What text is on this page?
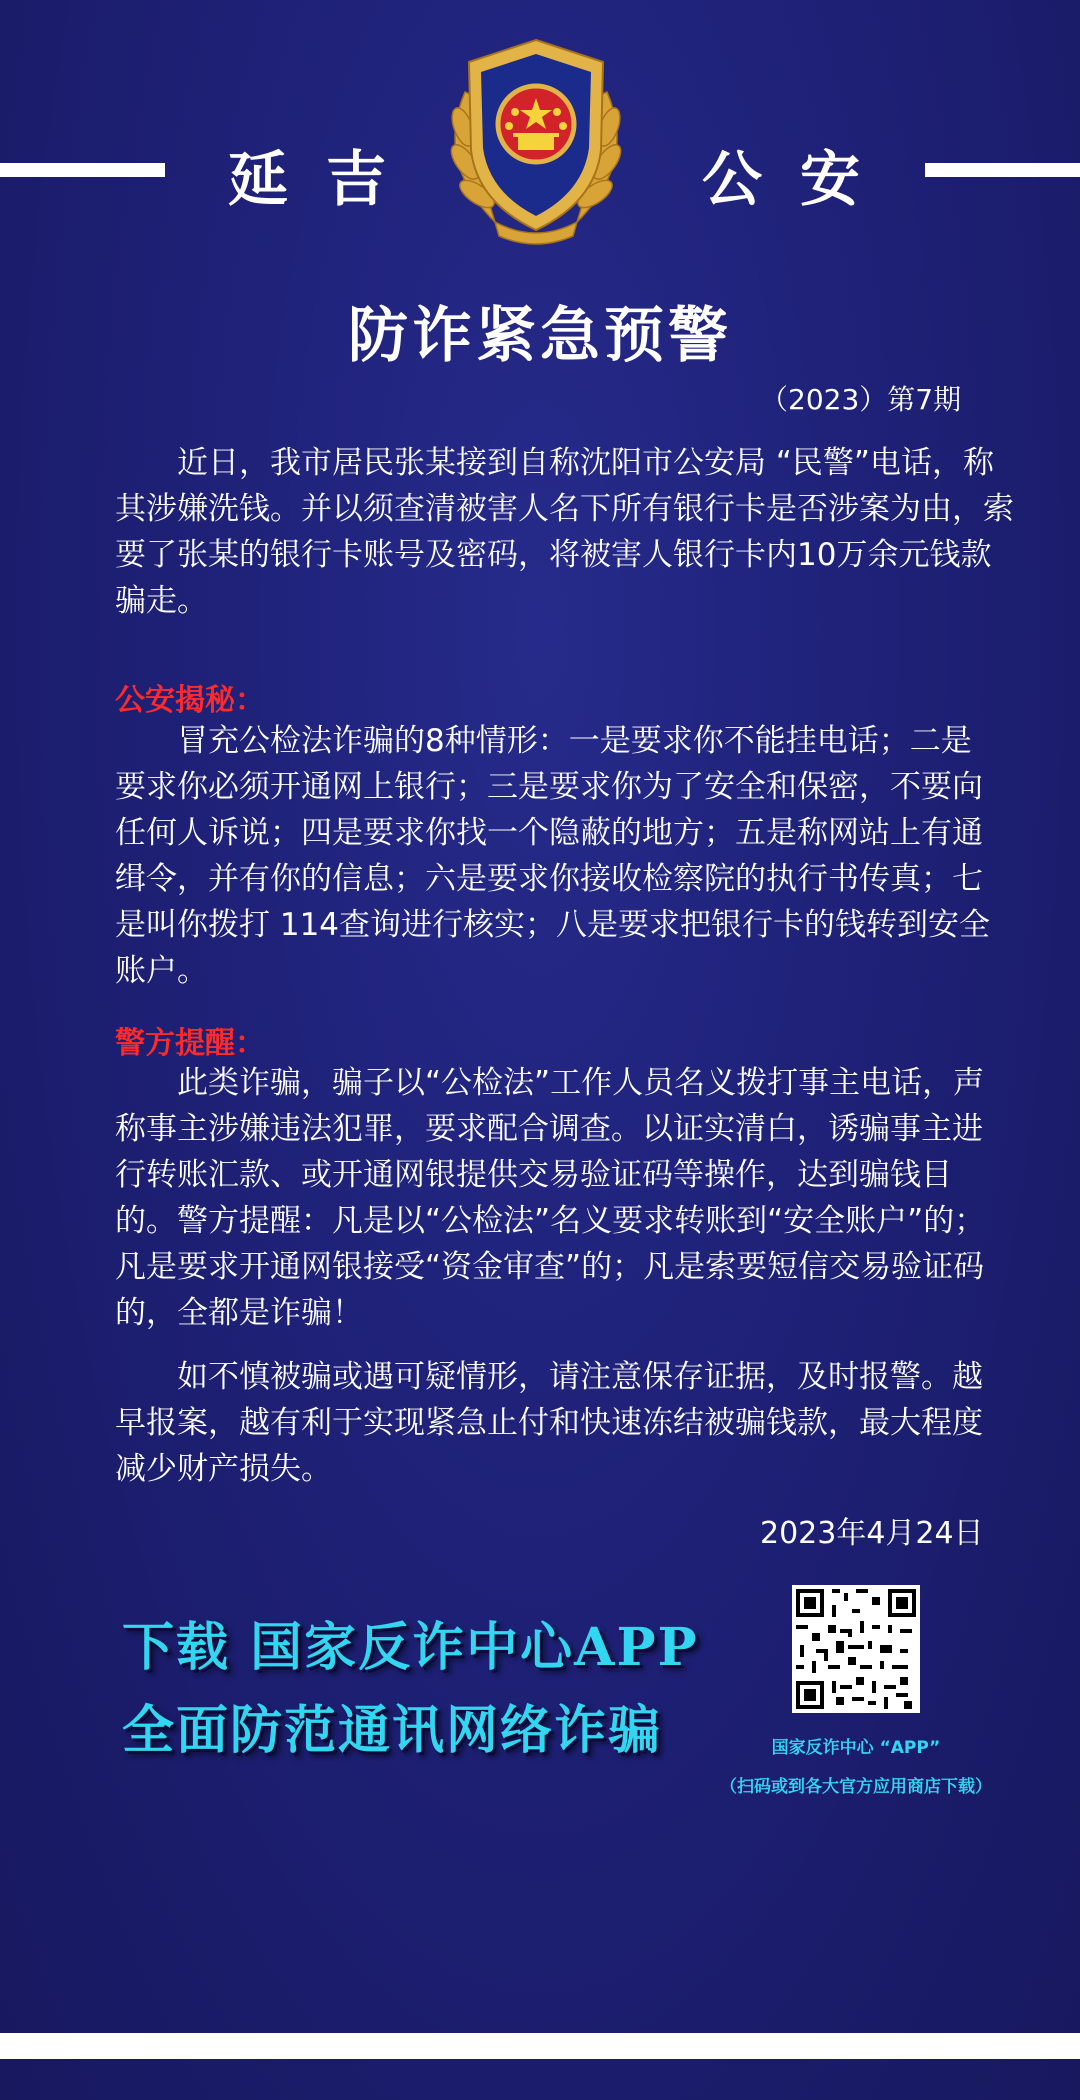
延吉	公安
防诈紧急预警
（2023）第7期

近日，我市居民张某接到自称沈阳市公安局 “民警”电话，称其涉嫌洗钱。并以须查清被害人名下所有银行卡是否涉案为由，索要了张某的银行卡账号及密码，将被害人银行卡内10万余元钱款骗走。

公安揭秘：

冒充公检法诈骗的8种情形：一是要求你不能挂电话；二是要求你必须开通网上银行；三是要求你为了安全和保密，不要向任何人诉说；四是要求你找一个隐蔽的地方；五是称网站上有通缉令，并有你的信息；六是要求你接收检察院的执行书传真；七是叫你拨打 114查询进行核实；八是要求把银行卡的钱转到安全账户。

警方提醒：

此类诈骗，骗子以“公检法”工作人员名义拨打事主电话，声称事主涉嫌违法犯罪，要求配合调查。以证实清白，诱骗事主进行转账汇款、或开通网银提供交易验证码等操作，达到骗钱目的。警方提醒：凡是以“公检法”名义要求转账到“安全账户”的；凡是要求开通网银接受“资金审查”的；凡是索要短信交易验证码的，全都是诈骗！

如不慎被骗或遇可疑情形，请注意保存证据，及时报警。越早报案，越有利于实现紧急止付和快速冻结被骗钱款，最大程度减少财产损失。

2023年4月24日
下载 国家反诈中心APP
全面防范通讯网络诈骗	国家反诈中心 “APP”
（扫码或到各大官方应用商店下载）
